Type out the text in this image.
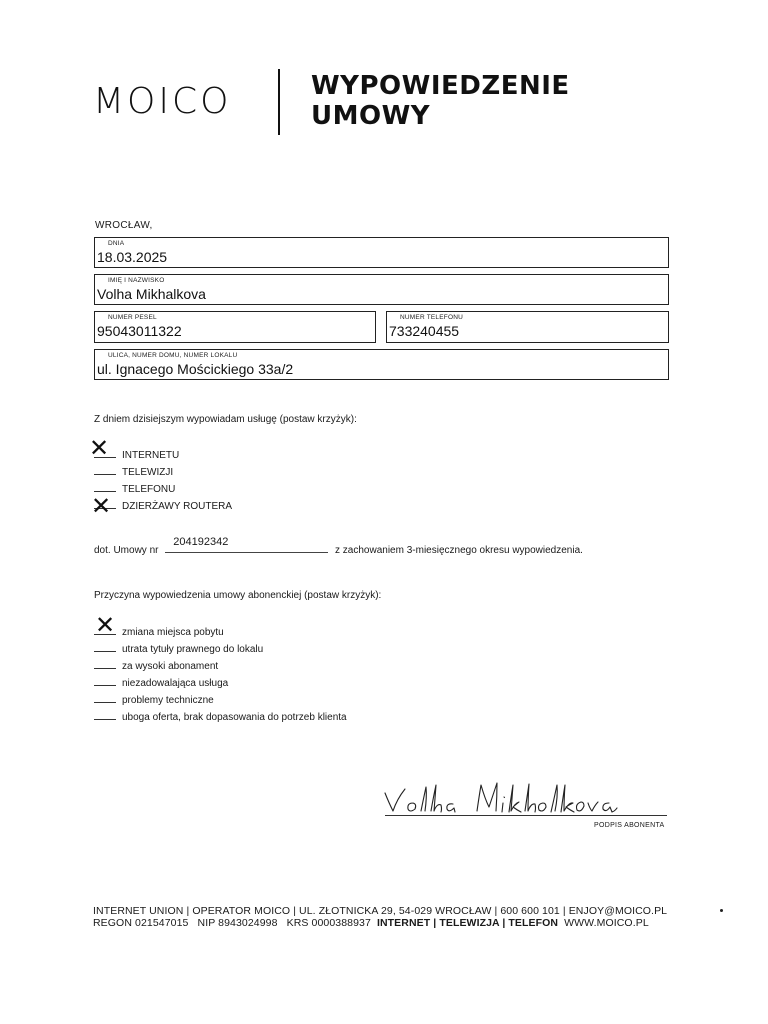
MOICO	WYPOWIEDZENIE
UMOWY
WROCŁAW,
DNIA
18.03.2025
IMIĘ I NAZWISKO
Volha Mikhalkova
NUMER PESEL
95043011322
NUMER TELEFONU
733240455
ULICA, NUMER DOMU, NUMER LOKALU
ul. Ignacego Mościckiego 33a/2
Z dniem dzisiejszym wypowiadam usługę (postaw krzyżyk):
INTERNETU
TELEWIZJI
TELEFONU
DZIERŻAWY ROUTERA
✕
✕
dot. Umowy nr
204192342
z zachowaniem 3-miesięcznego okresu wypowiedzenia.
Przyczyna wypowiedzenia umowy abonenckiej (postaw krzyżyk):
zmiana miejsca pobytu
utrata tytuły prawnego do lokalu
za wysoki abonament
niezadowalająca usługa
problemy techniczne
uboga oferta, brak dopasowania do potrzeb klienta
✕
PODPIS ABONENTA
INTERNET UNION | OPERATOR MOICO | UL. ZŁOTNICKA 29, 54-029 WROCŁAW | 600 600 101 | ENJOY@MOICO.PL
REGON 021547015   NIP 8943024998   KRS 0000388937  INTERNET | TELEWIZJA | TELEFON  WWW.MOICO.PL
